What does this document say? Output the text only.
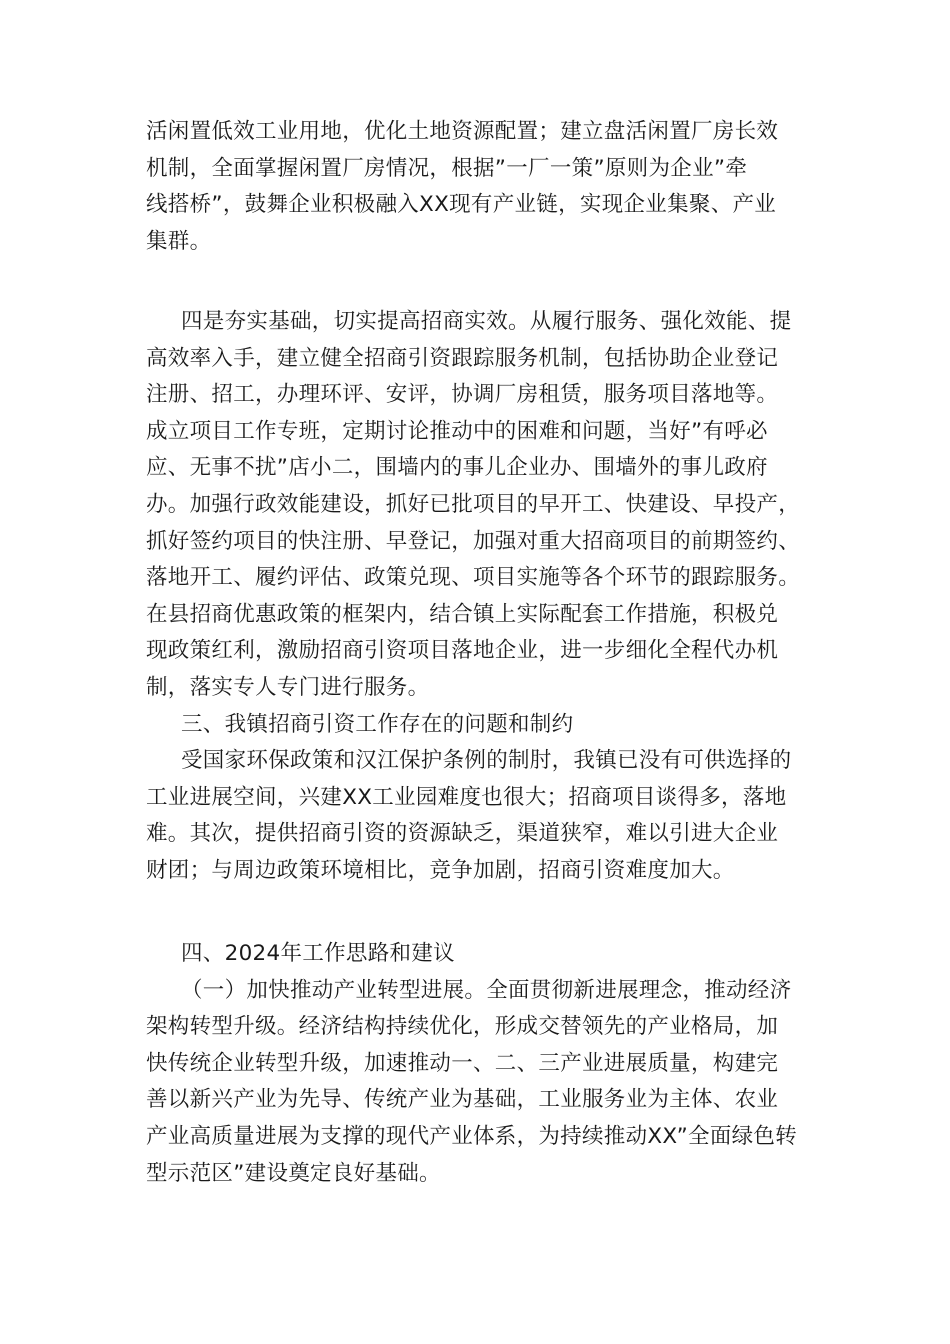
活闲置低效工业用地，优化土地资源配置；建立盘活闲置厂房长效
机制，全面掌握闲置厂房情况，根据”一厂一策”原则为企业”牵
线搭桥”，鼓舞企业积极融入XX现有产业链，实现企业集聚、产业
集群。
四是夯实基础，切实提高招商实效。从履行服务、强化效能、提
高效率入手，建立健全招商引资跟踪服务机制，包括协助企业登记
注册、招工，办理环评、安评，协调厂房租赁，服务项目落地等。
成立项目工作专班，定期讨论推动中的困难和问题，当好”有呼必
应、无事不扰”店小二，围墙内的事儿企业办、围墙外的事儿政府
办。加强行政效能建设，抓好已批项目的早开工、快建设、早投产，
抓好签约项目的快注册、早登记，加强对重大招商项目的前期签约、
落地开工、履约评估、政策兑现、项目实施等各个环节的跟踪服务。
在县招商优惠政策的框架内，结合镇上实际配套工作措施，积极兑
现政策红利，激励招商引资项目落地企业，进一步细化全程代办机
制，落实专人专门进行服务。
三、我镇招商引资工作存在的问题和制约
受国家环保政策和汉江保护条例的制肘，我镇已没有可供选择的
工业进展空间，兴建XX工业园难度也很大；招商项目谈得多，落地
难。其次，提供招商引资的资源缺乏，渠道狭窄，难以引进大企业
财团；与周边政策环境相比，竞争加剧，招商引资难度加大。
四、2024年工作思路和建议
（一）加快推动产业转型进展。全面贯彻新进展理念，推动经济
架构转型升级。经济结构持续优化，形成交替领先的产业格局，加
快传统企业转型升级，加速推动一、二、三产业进展质量，构建完
善以新兴产业为先导、传统产业为基础，工业服务业为主体、农业
产业高质量进展为支撑的现代产业体系，为持续推动XX”全面绿色转
型示范区”建设奠定良好基础。
